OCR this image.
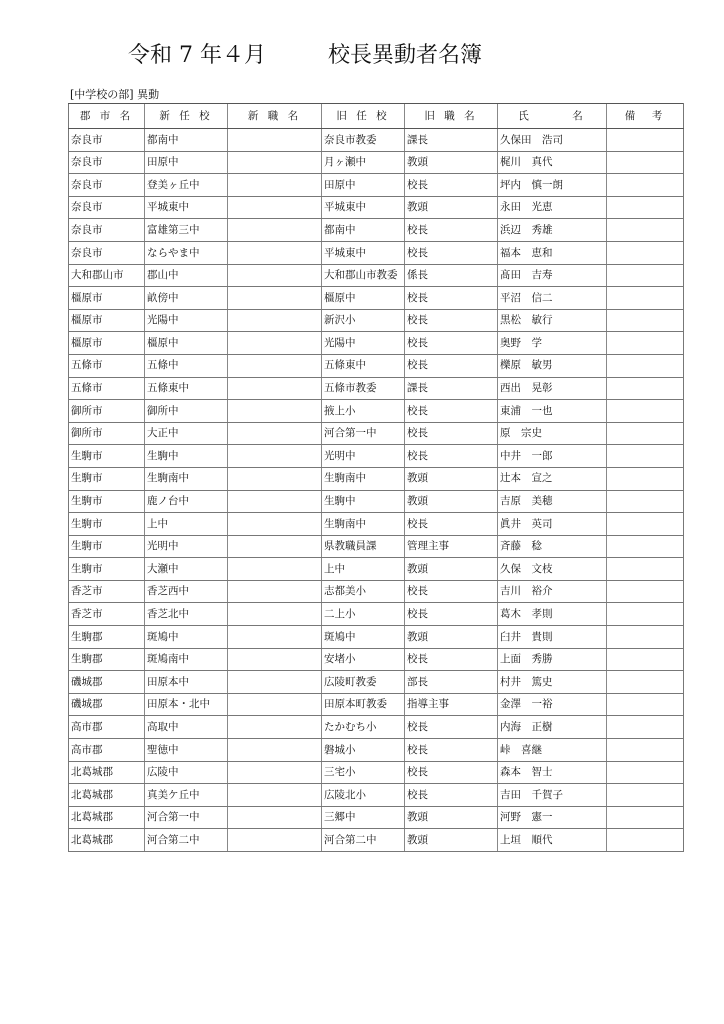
令和 7 年４月	校長異動者名簿
[中学校の部] 異動
郡 市 名	新 任 校	新 職 名	旧 任 校	旧 職 名	氏　　　名	備　考
奈良市	都南中		奈良市教委	課長	久保田　浩司	
奈良市	田原中		月ヶ瀬中	教頭	梶川　真代	
奈良市	登美ヶ丘中		田原中	校長	坪内　慎一朗	
奈良市	平城東中		平城東中	教頭	永田　光恵	
奈良市	富雄第三中		都南中	校長	浜辺　秀雄	
奈良市	ならやま中		平城東中	校長	福本　恵和	
大和郡山市	郡山中		大和郡山市教委	係長	髙田　吉寿	
橿原市	畝傍中		橿原中	校長	平沼　信二	
橿原市	光陽中		新沢小	校長	黒松　敏行	
橿原市	橿原中		光陽中	校長	奥野　学	
五條市	五條中		五條東中	校長	櫟原　敏男	
五條市	五條東中		五條市教委	課長	西出　晃彰	
御所市	御所中		掖上小	校長	東浦　一也	
御所市	大正中		河合第一中	校長	原　宗史	
生駒市	生駒中		光明中	校長	中井　一郎	
生駒市	生駒南中		生駒南中	教頭	辻本　宣之	
生駒市	鹿ノ台中		生駒中	教頭	吉原　美穂	
生駒市	上中		生駒南中	校長	眞井　英司	
生駒市	光明中		県教職員課	管理主事	斉藤　稔	
生駒市	大瀬中		上中	教頭	久保　文枝	
香芝市	香芝西中		志都美小	校長	吉川　裕介	
香芝市	香芝北中		二上小	校長	葛木　孝則	
生駒郡	斑鳩中		斑鳩中	教頭	臼井　貴則	
生駒郡	斑鳩南中		安堵小	校長	上面　秀勝	
磯城郡	田原本中		広陵町教委	部長	村井　篤史	
磯城郡	田原本・北中		田原本町教委	指導主事	金澤　一裕	
高市郡	高取中		たかむち小	校長	内海　正樹	
高市郡	聖徳中		磐城小	校長	峠　喜継	
北葛城郡	広陵中		三宅小	校長	森本　智士	
北葛城郡	真美ケ丘中		広陵北小	校長	吉田　千賀子	
北葛城郡	河合第一中		三郷中	教頭	河野　憲一	
北葛城郡	河合第二中		河合第二中	教頭	上垣　順代	
